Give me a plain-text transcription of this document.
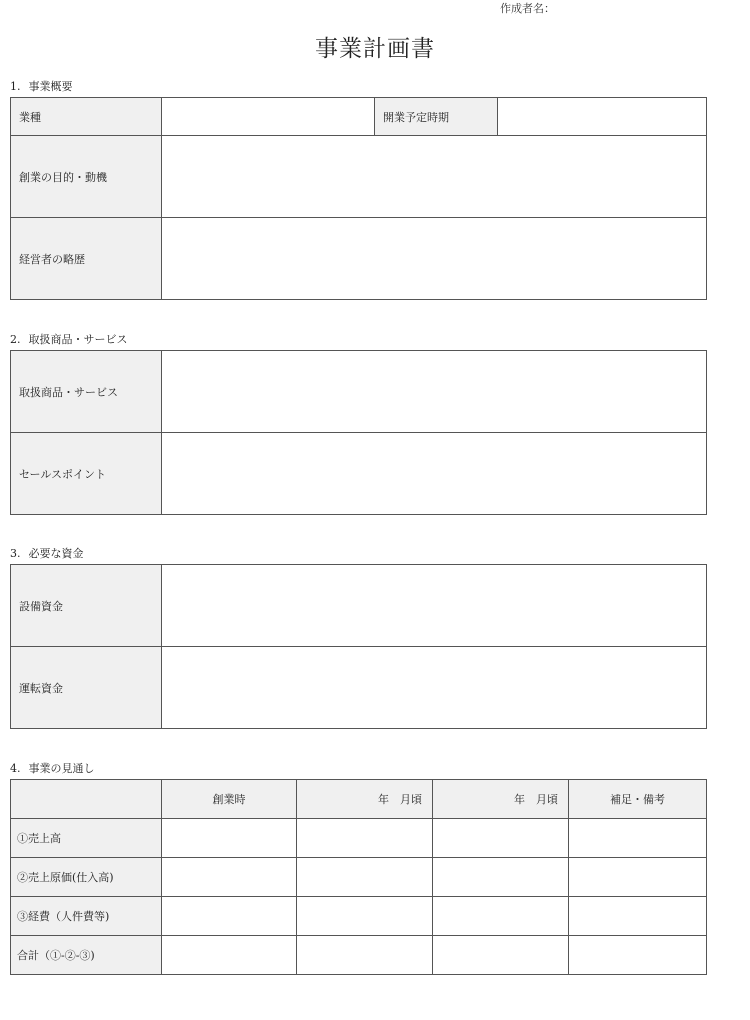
作成者名：
事業計画書
1. 事業概要
業種		開業予定時期	
創業の目的・動機			
経営者の略歴			
2. 取扱商品・サービス
取扱商品・サービス	
セールスポイント	
3. 必要な資金
設備資金	
運転資金	
4. 事業の見通し
	創業時	年　月頃	年　月頃	補足・備考
①売上高				
②売上原価(仕入高)				
③経費（人件費等)				
合計（①-②-③)				
